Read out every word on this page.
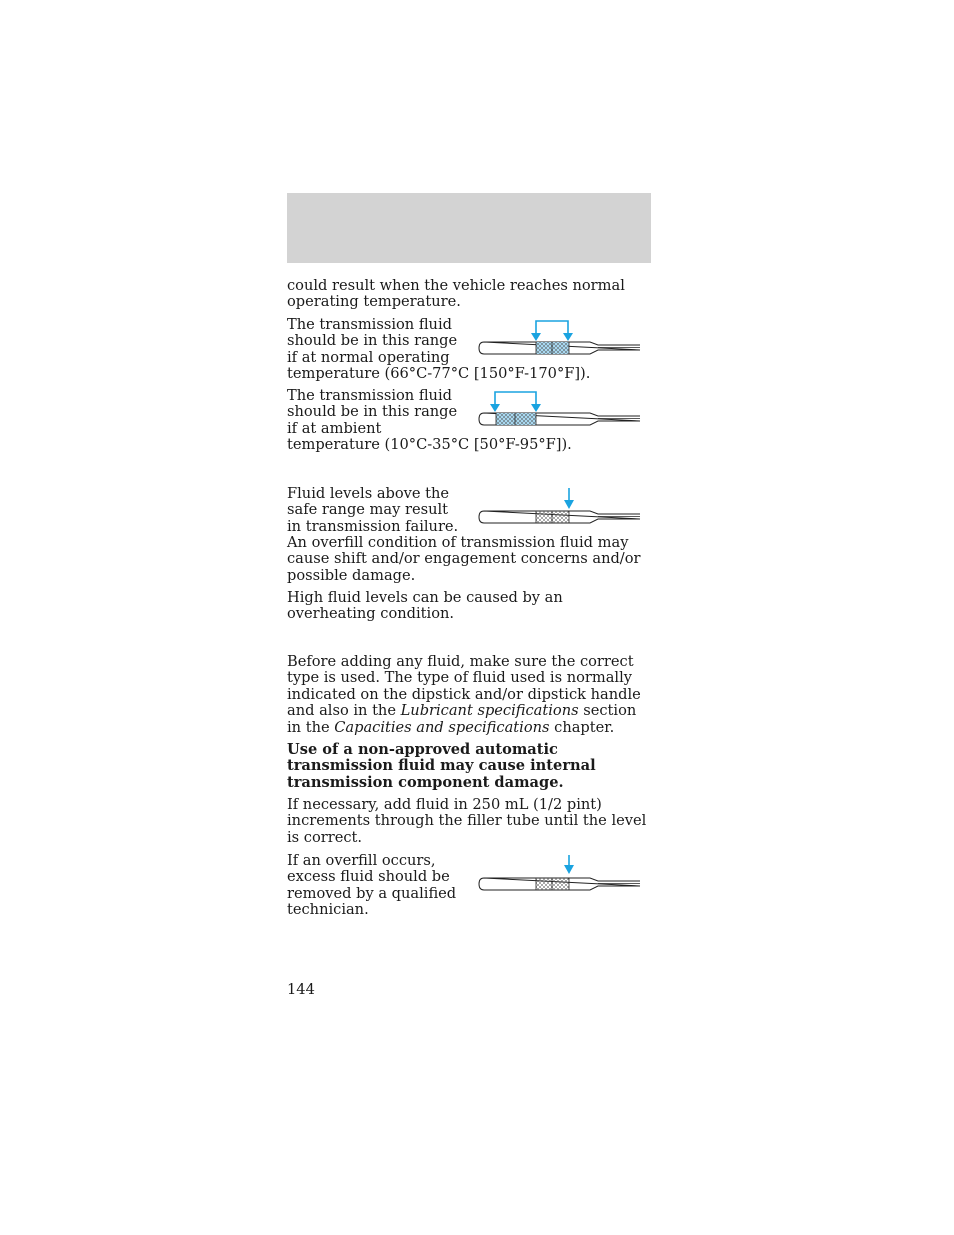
could result when the vehicle reaches normal operating temperature.

The transmission fluid should be in this range if at normal operating

temperature (66°C-77°C [150°F-170°F]).

The transmission fluid should be in this range if at ambient

temperature (10°C-35°C [50°F-95°F]).

Fluid levels above the safe range may result in transmission failure.

An overfill condition of transmission fluid may cause shift and/or engagement concerns and/or possible damage.

High fluid levels can be caused by an overheating condition.

Before adding any fluid, make sure the correct type is used. The type of fluid used is normally indicated on the dipstick and/or dipstick handle and also in the Lubricant specifications section in the Capacities and specifications chapter.

Use of a non-approved automatic transmission fluid may cause internal transmission component damage.

If necessary, add fluid in 250 mL (1/2 pint) increments through the filler tube until the level is correct.

If an overfill occurs, excess fluid should be removed by a qualified technician.

144
